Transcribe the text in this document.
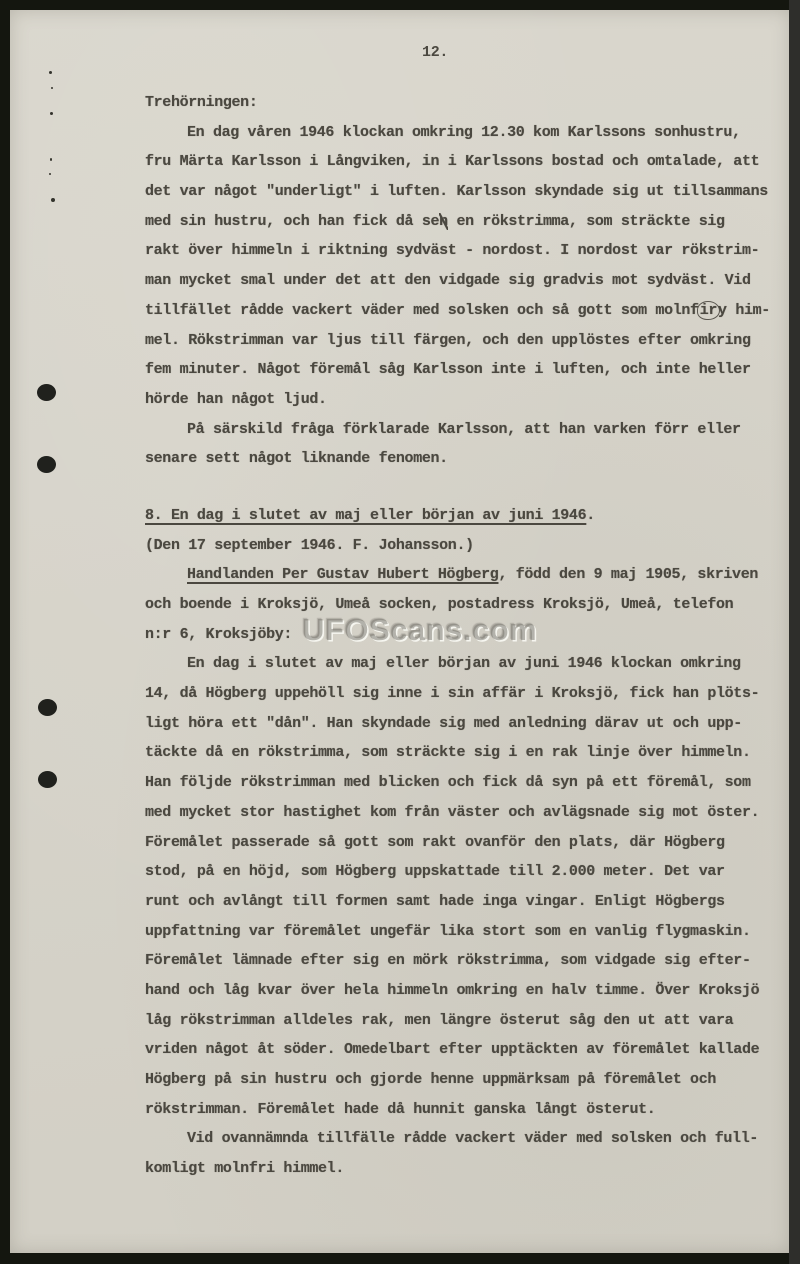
12.
Trehörningen:
En dag våren 1946 klockan omkring 12.30 kom Karlssons sonhustru,
fru Märta Karlsson i Långviken, in i Karlssons bostad och omtalade, att
det var något "underligt" i luften. Karlsson skyndade sig ut tillsammans
med sin hustru, och han fick då sen en rökstrimma, som sträckte sig
rakt över himmeln i riktning sydväst - nordost. I nordost var rökstrim-
man mycket smal under det att den vidgade sig gradvis mot sydväst. Vid
tillfället rådde vackert väder med solsken och så gott som molnfiry him-
mel. Rökstrimman var ljus till färgen, och den upplöstes efter omkring
fem minuter. Något föremål såg Karlsson inte i luften, och inte heller
hörde han något ljud.
På särskild fråga förklarade Karlsson, att han varken förr eller
senare sett något liknande fenomen.
8. En dag i slutet av maj eller början av juni 1946.
(Den 17 september 1946. F. Johansson.)
Handlanden Per Gustav Hubert Högberg, född den 9 maj 1905, skriven
och boende i Kroksjö, Umeå socken, postadress Kroksjö, Umeå, telefon
n:r 6, Kroksjöby:
En dag i slutet av maj eller början av juni 1946 klockan omkring
14, då Högberg uppehöll sig inne i sin affär i Kroksjö, fick han plöts-
ligt höra ett "dån". Han skyndade sig med anledning därav ut och upp-
täckte då en rökstrimma, som sträckte sig i en rak linje över himmeln.
Han följde rökstrimman med blicken och fick då syn på ett föremål, som
med mycket stor hastighet kom från väster och avlägsnade sig mot öster.
Föremålet passerade så gott som rakt ovanför den plats, där Högberg
stod, på en höjd, som Högberg uppskattade till 2.000 meter. Det var
runt och avlångt till formen samt hade inga vingar. Enligt Högbergs
uppfattning var föremålet ungefär lika stort som en vanlig flygmaskin.
Föremålet lämnade efter sig en mörk rökstrimma, som vidgade sig efter-
hand och låg kvar över hela himmeln omkring en halv timme. Över Kroksjö
låg rökstrimman alldeles rak, men längre österut såg den ut att vara
vriden något åt söder. Omedelbart efter upptäckten av föremålet kallade
Högberg på sin hustru och gjorde henne uppmärksam på föremålet och
rökstrimman. Föremålet hade då hunnit ganska långt österut.
Vid ovannämnda tillfälle rådde vackert väder med solsken och full-
komligt molnfri himmel.
UFOScans.com
